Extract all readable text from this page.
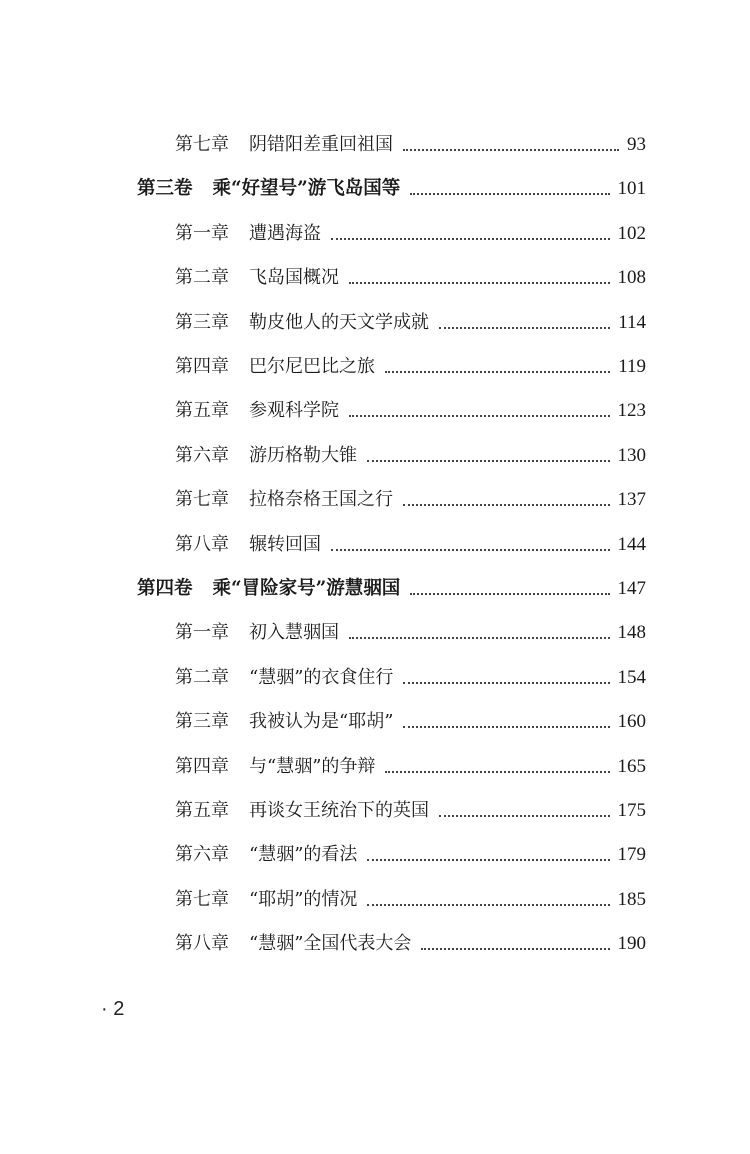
第七章 阴错阳差重回祖国	93
第三卷 乘“好望号”游飞岛国等	101
第一章 遭遇海盗	102
第二章 飞岛国概况	108
第三章 勒皮他人的天文学成就	114
第四章 巴尔尼巴比之旅	119
第五章 参观科学院	123
第六章 游历格勒大锥	130
第七章 拉格奈格王国之行	137
第八章 辗转回国	144
第四卷 乘“冒险家号”游慧骃国	147
第一章 初入慧骃国	148
第二章 “慧骃”的衣食住行	154
第三章 我被认为是“耶胡”	160
第四章 与“慧骃”的争辩	165
第五章 再谈女王统治下的英国	175
第六章 “慧骃”的看法	179
第七章 “耶胡”的情况	185
第八章 “慧骃”全国代表大会	190
· 2
